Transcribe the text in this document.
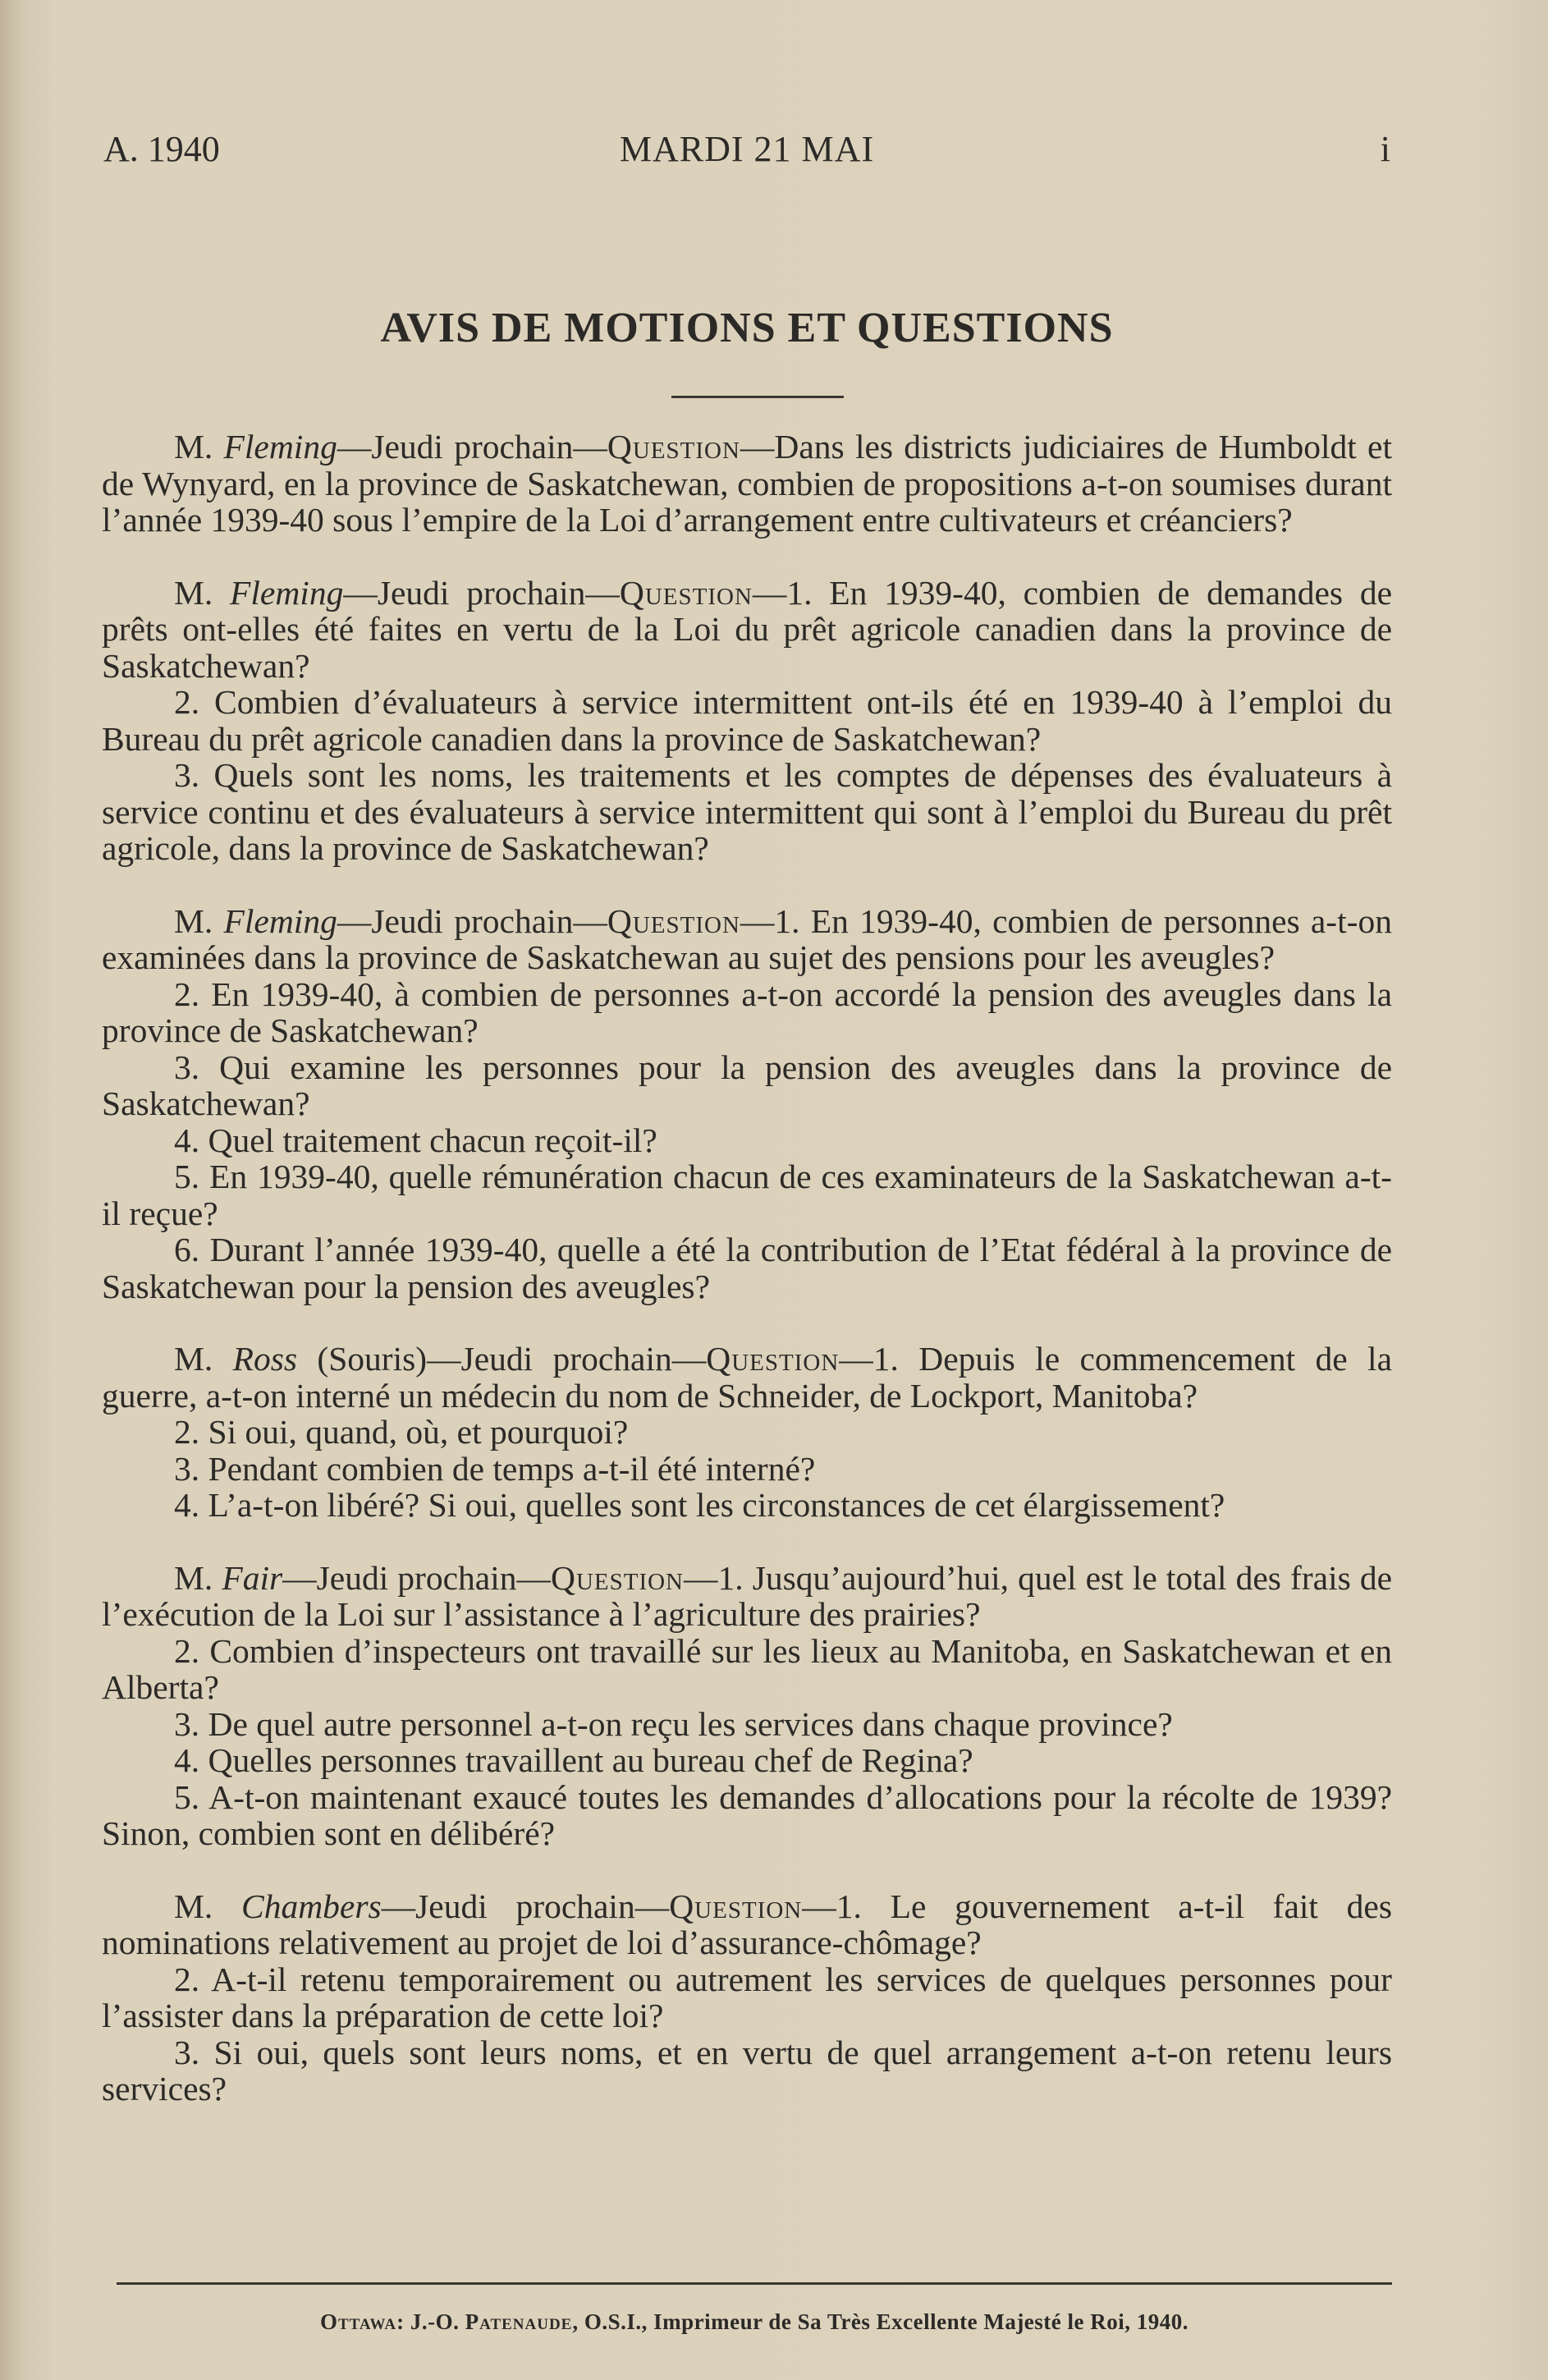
A. 1940	MARDI 21 MAI	i
AVIS DE MOTIONS ET QUESTIONS

M. Fleming—Jeudi prochain—Question—Dans les districts judiciaires de Humboldt et de Wynyard, en la province de Saskatchewan, combien de propositions a-t-on soumises durant l’année 1939-40 sous l’empire de la Loi d’arrangement entre cultivateurs et créanciers?

M. Fleming—Jeudi prochain—Question—1. En 1939-40, combien de demandes de prêts ont-elles été faites en vertu de la Loi du prêt agricole canadien dans la province de Saskatchewan?

2. Combien d’évaluateurs à service intermittent ont-ils été en 1939-40 à l’emploi du Bureau du prêt agricole canadien dans la province de Saskatchewan?

3. Quels sont les noms, les traitements et les comptes de dépenses des évaluateurs à service continu et des évaluateurs à service intermittent qui sont à l’emploi du Bureau du prêt agricole, dans la province de Saskatchewan?

M. Fleming—Jeudi prochain—Question—1. En 1939-40, combien de personnes a-t-on examinées dans la province de Saskatchewan au sujet des pensions pour les aveugles?

2. En 1939-40, à combien de personnes a-t-on accordé la pension des aveugles dans la province de Saskatchewan?

3. Qui examine les personnes pour la pension des aveugles dans la province de Saskatchewan?

4. Quel traitement chacun reçoit-il?

5. En 1939-40, quelle rémunération chacun de ces examinateurs de la Saskatchewan a-t-il reçue?

6. Durant l’année 1939-40, quelle a été la contribution de l’Etat fédéral à la province de Saskatchewan pour la pension des aveugles?

M. Ross (Souris)—Jeudi prochain—Question—1. Depuis le commencement de la guerre, a-t-on interné un médecin du nom de Schneider, de Lockport, Manitoba?

2. Si oui, quand, où, et pourquoi?

3. Pendant combien de temps a-t-il été interné?

4. L’a-t-on libéré? Si oui, quelles sont les circonstances de cet élargissement?

M. Fair—Jeudi prochain—Question—1. Jusqu’aujourd’hui, quel est le total des frais de l’exécution de la Loi sur l’assistance à l’agriculture des prairies?

2. Combien d’inspecteurs ont travaillé sur les lieux au Manitoba, en Saskatchewan et en Alberta?

3. De quel autre personnel a-t-on reçu les services dans chaque province?

4. Quelles personnes travaillent au bureau chef de Regina?

5. A-t-on maintenant exaucé toutes les demandes d’allocations pour la récolte de 1939? Sinon, combien sont en délibéré?

M. Chambers—Jeudi prochain—Question—1. Le gouvernement a-t-il fait des nominations relativement au projet de loi d’assurance-chômage?

2. A-t-il retenu temporairement ou autrement les services de quelques personnes pour l’assister dans la préparation de cette loi?

3. Si oui, quels sont leurs noms, et en vertu de quel arrangement a-t-on retenu leurs services?

Ottawa: J.-O. Patenaude, O.S.I., Imprimeur de Sa Très Excellente Majesté le Roi, 1940.
